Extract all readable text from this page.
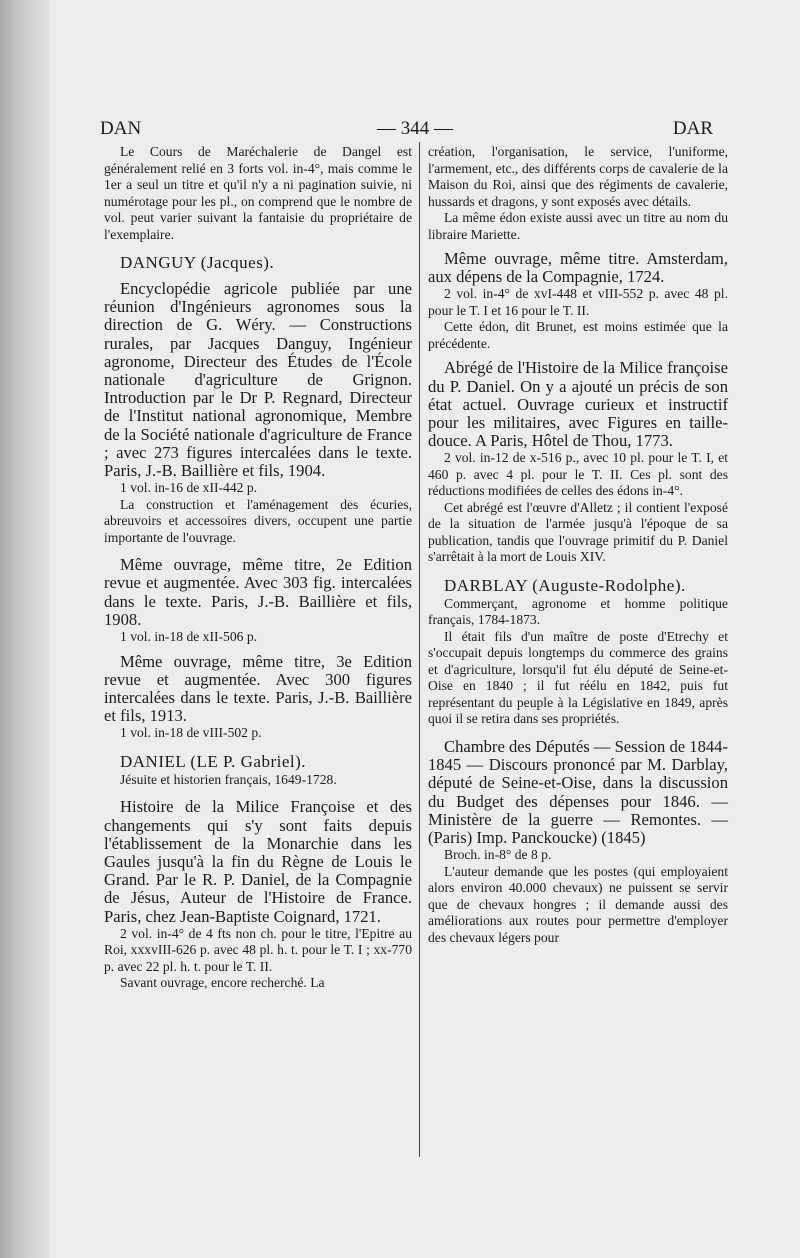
DAN	— 344 —	DAR

Le Cours de Maréchalerie de Dangel est généralement relié en 3 forts vol. in-4°, mais comme le 1er a seul un titre et qu'il n'y a ni pagination suivie, ni numérotage pour les pl., on comprend que le nombre de vol. peut varier suivant la fantaisie du propriétaire de l'exemplaire.

DANGUY (Jacques).

Encyclopédie agricole publiée par une réunion d'Ingénieurs agronomes sous la direction de G. Wéry. — Constructions rurales, par Jacques Danguy, Ingénieur agronome, Directeur des Études de l'École nationale d'agriculture de Grignon. Introduction par le Dr P. Regnard, Directeur de l'Institut national agronomique, Membre de la Société nationale d'agriculture de France ; avec 273 figures intercalées dans le texte. Paris, J.-B. Baillière et fils, 1904.

1 vol. in-16 de xII-442 p.

La construction et l'aménagement des écuries, abreuvoirs et accessoires divers, occupent une partie importante de l'ouvrage.

Même ouvrage, même titre, 2e Edition revue et augmentée. Avec 303 fig. intercalées dans le texte. Paris, J.-B. Baillière et fils, 1908.

1 vol. in-18 de xII-506 p.

Même ouvrage, même titre, 3e Edition revue et augmentée. Avec 300 figures intercalées dans le texte. Paris, J.-B. Baillière et fils, 1913.

1 vol. in-18 de vIII-502 p.

DANIEL (LE P. Gabriel).

Jésuite et historien français, 1649-1728.

Histoire de la Milice Françoise et des changements qui s'y sont faits depuis l'établissement de la Monarchie dans les Gaules jusqu'à la fin du Règne de Louis le Grand. Par le R. P. Daniel, de la Compagnie de Jésus, Auteur de l'Histoire de France. Paris, chez Jean-Baptiste Coignard, 1721.

2 vol. in-4° de 4 fts non ch. pour le titre, l'Epitre au Roi, xxxvIII-626 p. avec 48 pl. h. t. pour le T. I ; xx-770 p. avec 22 pl. h. t. pour le T. II.

Savant ouvrage, encore recherché. La

création, l'organisation, le service, l'uniforme, l'armement, etc., des différents corps de cavalerie de la Maison du Roi, ainsi que des régiments de cavalerie, hussards et dragons, y sont exposés avec détails.

La même édon existe aussi avec un titre au nom du libraire Mariette.

Même ouvrage, même titre. Amsterdam, aux dépens de la Compagnie, 1724.

2 vol. in-4° de xvI-448 et vIII-552 p. avec 48 pl. pour le T. I et 16 pour le T. II.

Cette édon, dit Brunet, est moins estimée que la précédente.

Abrégé de l'Histoire de la Milice françoise du P. Daniel. On y a ajouté un précis de son état actuel. Ouvrage curieux et instructif pour les militaires, avec Figures en taille-douce. A Paris, Hôtel de Thou, 1773.

2 vol. in-12 de x-516 p., avec 10 pl. pour le T. I, et 460 p. avec 4 pl. pour le T. II. Ces pl. sont des réductions modifiées de celles des édons in-4°.

Cet abrégé est l'œuvre d'Alletz ; il contient l'exposé de la situation de l'armée jusqu'à l'époque de sa publication, tandis que l'ouvrage primitif du P. Daniel s'arrêtait à la mort de Louis XIV.

DARBLAY (Auguste-Rodolphe).

Commerçant, agronome et homme politique français, 1784-1873.

Il était fils d'un maître de poste d'Etrechy et s'occupait depuis longtemps du commerce des grains et d'agriculture, lorsqu'il fut élu député de Seine-et-Oise en 1840 ; il fut réélu en 1842, puis fut représentant du peuple à la Législative en 1849, après quoi il se retira dans ses propriétés.

Chambre des Députés — Session de 1844-1845 — Discours prononcé par M. Darblay, député de Seine-et-Oise, dans la discussion du Budget des dépenses pour 1846. — Ministère de la guerre — Remontes. — (Paris) Imp. Panckoucke) (1845)

Broch. in-8° de 8 p.

L'auteur demande que les postes (qui employaient alors environ 40.000 chevaux) ne puissent se servir que de chevaux hongres ; il demande aussi des améliorations aux routes pour permettre d'employer des chevaux légers pour
